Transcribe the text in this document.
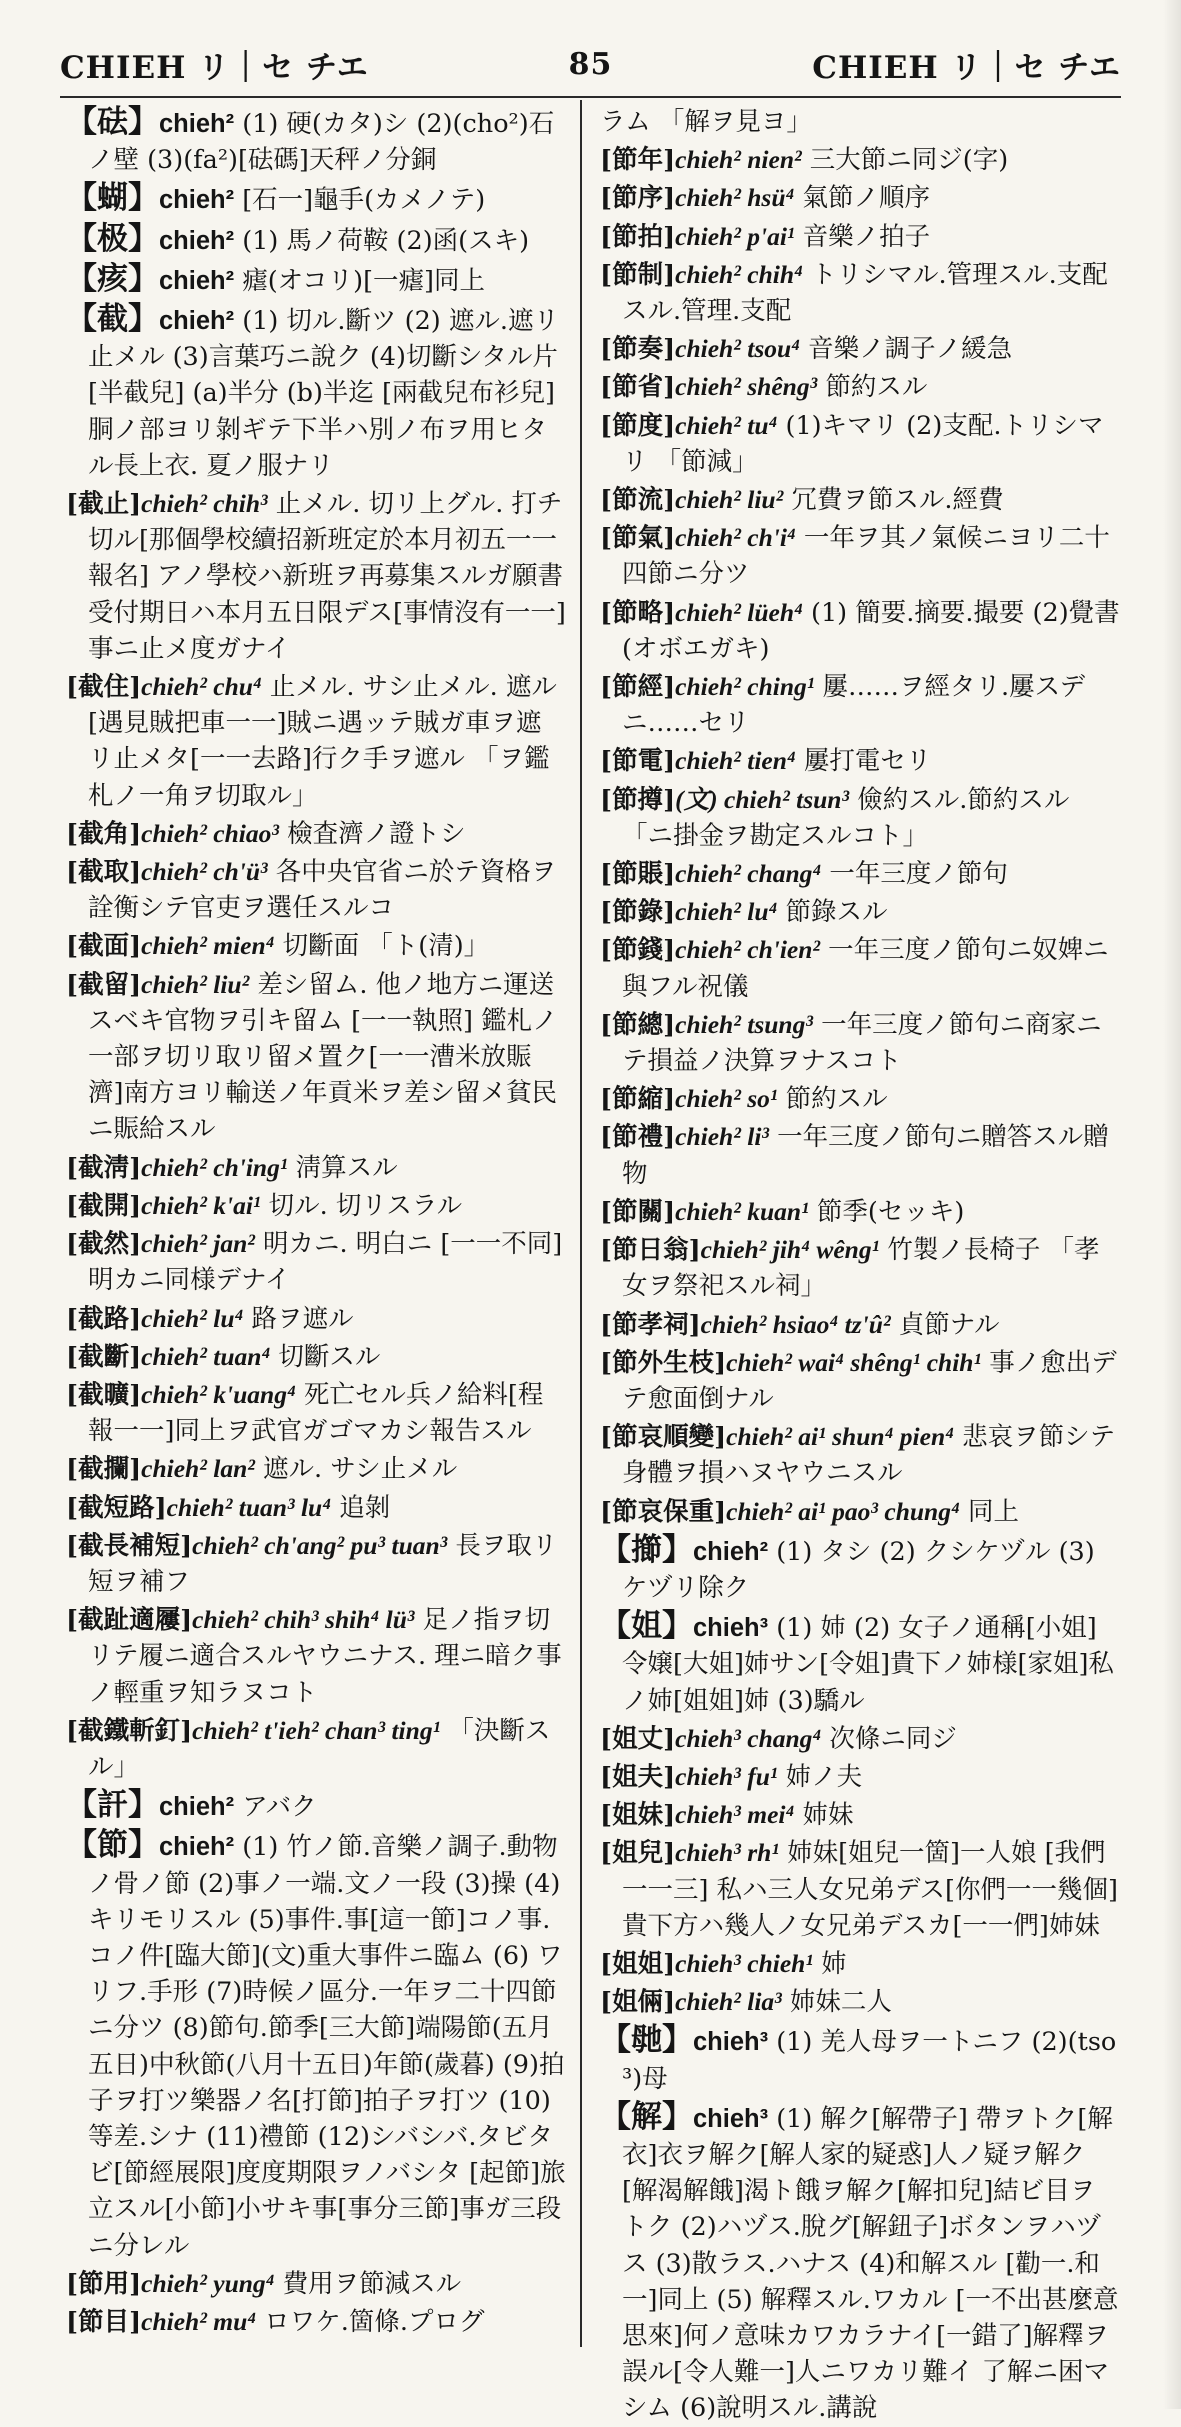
CHIEH リ｜セ チエ	85	CHIEH リ｜セ チエ
【砝】chieh² (1) 硬(カタ)シ (2)(cho²)石ノ壁 (3)(fa²)[砝碼]天秤ノ分銅
【蝴】chieh² [石一]龜手(カメノテ)
【极】chieh² (1) 馬ノ荷鞍 (2)函(スキ)
【痎】chieh² 瘧(オコリ)[一瘧]同上
【截】chieh² (1) 切ル.斷ツ (2) 遮ル.遮リ止メル (3)言葉巧ニ說ク (4)切斷シタル片 [半截兒] (a)半分 (b)半迄 [兩截兒布衫兒]胴ノ部ヨリ剝ギテ下半ハ別ノ布ヲ用ヒタル長上衣. 夏ノ服ナリ
[截止]chieh² chih³ 止メル. 切リ上グル. 打チ切ル[那個學校續招新班定於本月初五一一報名] アノ學校ハ新班ヲ再募集スルガ願書受付期日ハ本月五日限デス[事情沒有一一]事ニ止メ度ガナイ
[截住]chieh² chu⁴ 止メル. サシ止メル. 遮ル[遇見賊把車一一]賊ニ遇ッテ賊ガ車ヲ遮リ止メタ[一一去路]行ク手ヲ遮ル 「ヲ鑑札ノ一角ヲ切取ル」
[截角]chieh² chiao³ 檢査濟ノ證トシ
[截取]chieh² ch'ü³ 各中央官省ニ於テ資格ヲ詮衡シテ官吏ヲ選任スルコ
[截面]chieh² mien⁴ 切斷面 「ト(清)」
[截留]chieh² liu² 差シ留ム. 他ノ地方ニ運送スベキ官物ヲ引キ留ム [一一執照] 鑑札ノ一部ヲ切リ取リ留メ置ク[一一漕米放賑濟]南方ヨリ輸送ノ年貢米ヲ差シ留メ貧民ニ賑給スル
[截淸]chieh² ch'ing¹ 淸算スル
[截開]chieh² k'ai¹ 切ル. 切リスラル
[截然]chieh² jan² 明カニ. 明白ニ [一一不同] 明カニ同様デナイ
[截路]chieh² lu⁴ 路ヲ遮ル
[截斷]chieh² tuan⁴ 切斷スル
[截曠]chieh² k'uang⁴ 死亡セル兵ノ給料[程報一一]同上ヲ武官ガゴマカシ報告スル
[截攔]chieh² lan² 遮ル. サシ止メル
[截短路]chieh² tuan³ lu⁴ 追剝
[截長補短]chieh² ch'ang² pu³ tuan³ 長ヲ取リ短ヲ補フ
[截趾適屨]chieh² chih³ shih⁴ lü³ 足ノ指ヲ切リテ履ニ適合スルヤウニナス. 理ニ暗ク事ノ輕重ヲ知ラヌコト
[截鐵斬釘]chieh² t'ieh² chan³ ting¹ 「決斷スル」
【訐】chieh² アバク
【節】chieh² (1) 竹ノ節.音樂ノ調子.動物ノ骨ノ節 (2)事ノ一端.文ノ一段 (3)操 (4)キリモリスル (5)事件.事[這一節]コノ事.コノ件[臨大節](文)重大事件ニ臨ム (6) ワリフ.手形 (7)時候ノ區分.一年ヲ二十四節ニ分ツ (8)節句.節季[三大節]端陽節(五月五日)中秋節(八月十五日)年節(歲暮) (9)拍子ヲ打ツ樂器ノ名[打節]拍子ヲ打ツ (10)等差.シナ (11)禮節 (12)シバシバ.タビタビ[節經展限]度度期限ヲノバシタ [起節]旅立スル[小節]小サキ事[事分三節]事ガ三段ニ分レル
[節用]chieh² yung⁴ 費用ヲ節減スル
[節目]chieh² mu⁴ ロワケ.箇條.プログ
ラム 「解ヲ見ヨ」
[節年]chieh² nien² 三大節ニ同ジ(字)
[節序]chieh² hsü⁴ 氣節ノ順序
[節拍]chieh² p'ai¹ 音樂ノ拍子
[節制]chieh² chih⁴ トリシマル.管理スル.支配スル.管理.支配
[節奏]chieh² tsou⁴ 音樂ノ調子ノ緩急
[節省]chieh² shêng³ 節約スル
[節度]chieh² tu⁴ (1)キマリ (2)支配.トリシマリ 「節減」
[節流]chieh² liu² 冗費ヲ節スル.經費
[節氣]chieh² ch'i⁴ 一年ヲ其ノ氣候ニヨリ二十四節ニ分ツ
[節略]chieh² lüeh⁴ (1) 簡要.摘要.撮要 (2)覺書(オボエガキ)
[節經]chieh² ching¹ 屢……ヲ經タリ.屢スデニ……セリ
[節電]chieh² tien⁴ 屢打電セリ
[節撙](文) chieh² tsun³ 儉約スル.節約スル 「ニ掛金ヲ勘定スルコト」
[節賬]chieh² chang⁴ 一年三度ノ節句
[節錄]chieh² lu⁴ 節錄スル
[節錢]chieh² ch'ien² 一年三度ノ節句ニ奴婢ニ與フル祝儀
[節總]chieh² tsung³ 一年三度ノ節句ニ商家ニテ損益ノ決算ヲナスコト
[節縮]chieh² so¹ 節約スル
[節禮]chieh² li³ 一年三度ノ節句ニ贈答スル贈物
[節關]chieh² kuan¹ 節季(セッキ)
[節日翁]chieh² jih⁴ wêng¹ 竹製ノ長椅子 「孝女ヲ祭祀スル祠」
[節孝祠]chieh² hsiao⁴ tz'û² 貞節ナル
[節外生枝]chieh² wai⁴ shêng¹ chih¹ 事ノ愈出デテ愈面倒ナル
[節哀順變]chieh² ai¹ shun⁴ pien⁴ 悲哀ヲ節シテ身體ヲ損ハヌヤウニスル
[節哀保重]chieh² ai¹ pao³ chung⁴ 同上
【擳】chieh² (1) タシ (2) クシケヅル (3)ケヅリ除ク
【姐】chieh³ (1) 姉 (2) 女子ノ通稱[小姐]令嬢[大姐]姉サン[令姐]貴下ノ姉様[家姐]私ノ姉[姐姐]姉 (3)驕ル
[姐丈]chieh³ chang⁴ 次條ニ同ジ
[姐夫]chieh³ fu¹ 姉ノ夫
[姐妹]chieh³ mei⁴ 姉妹
[姐兒]chieh³ rh¹ 姉妹[姐兒一箇]一人娘 [我們一一三] 私ハ三人女兄弟デス[你們一一幾個]貴下方ハ幾人ノ女兄弟デスカ[一一們]姉妹
[姐姐]chieh³ chieh¹ 姉
[姐倆]chieh² lia³ 姉妹二人
【毑】chieh³ (1) 羌人母ヲ一トニフ (2)(tso³)母
【解】chieh³ (1) 解ク[解帶子] 帶ヲトク[解衣]衣ヲ解ク[解人家的疑惑]人ノ疑ヲ解ク[解渴解餓]渴ト餓ヲ解ク[解扣兒]結ビ目ヲトク (2)ハヅス.脫グ[解鈕子]ボタンヲハヅス (3)散ラス.ハナス (4)和解スル [勸一.和一]同上 (5) 解釋スル.ワカル [一不出甚麼意思來]何ノ意味カワカラナイ[一錯了]解釋ヲ誤ル[令人難一]人ニワカリ難イ 了解ニ困マシム (6)說明スル.講說
